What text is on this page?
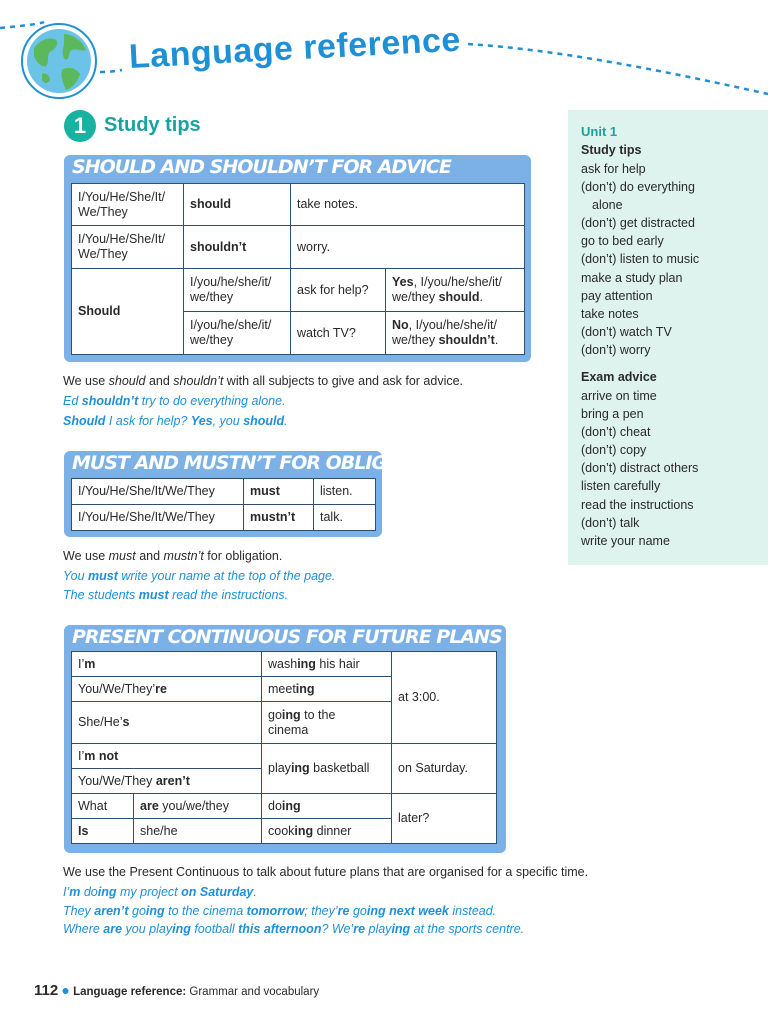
Language reference
1 Study tips
SHOULD AND SHOULDN’T FOR ADVICE
I/You/He/She/It/
We/They	should	take notes.	
I/You/He/She/It/
We/They	shouldn’t	worry.	
Should	I/you/he/she/it/
we/they	ask for help?	Yes, I/you/he/she/it/
we/they should.
	I/you/he/she/it/
we/they	watch TV?	No, I/you/he/she/it/
we/they shouldn’t.
We use should and shouldn’t with all subjects to give and ask for advice.
Ed shouldn’t try to do everything alone.
Should I ask for help? Yes, you should.
MUST AND MUSTN’T FOR OBLIGATION
I/You/He/She/It/We/They	must	listen.
I/You/He/She/It/We/They	mustn’t	talk.
We use must and mustn’t for obligation.
You must write your name at the top of the page.
The students must read the instructions.
PRESENT CONTINUOUS FOR FUTURE PLANS
I’m		washing his hair	at 3:00.
You/We/They’re		meeting	
She/He’s		going to the
cinema	
I’m not		playing basketball	on Saturday.
You/We/They aren’t			
What	are you/we/they	doing	later?
Is	she/he	cooking dinner	
We use the Present Continuous to talk about future plans that are organised for a specific time.
I’m doing my project on Saturday.
They aren’t going to the cinema tomorrow; they’re going next week instead.
Where are you playing football this afternoon? We’re playing at the sports centre.
Unit 1
Study tips
ask for help
(don’t) do everything
alone
(don’t) get distracted
go to bed early
(don’t) listen to music
make a study plan
pay attention
take notes
(don’t) watch TV
(don’t) worry
Exam advice
arrive on time
bring a pen
(don’t) cheat
(don’t) copy
(don’t) distract others
listen carefully
read the instructions
(don’t) talk
write your name
112 ● Language reference: Grammar and vocabulary
